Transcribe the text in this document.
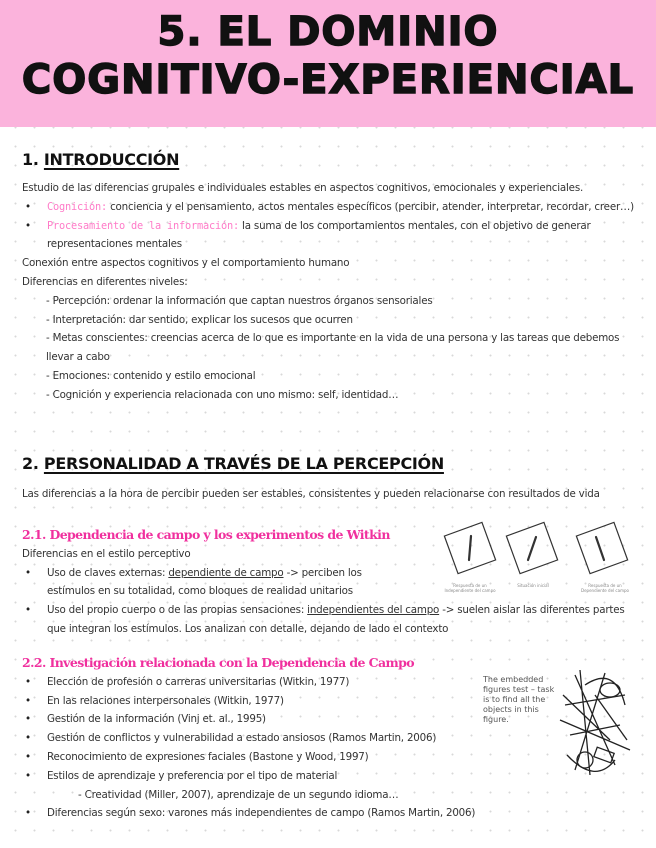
5. EL DOMINIO
COGNITIVO-EXPERIENCIAL
1. INTRODUCCIÓN
Estudio de las diferencias grupales e individuales estables en aspectos cognitivos, emocionales y experienciales.
• Cognición: conciencia y el pensamiento, actos mentales específicos (percibir, atender, interpretar, recordar, creer…)
• Procesamiento de la información: la suma de los comportamientos mentales, con el objetivo de generar representaciones mentales
Conexión entre aspectos cognitivos y el comportamiento humano
Diferencias en diferentes niveles:
- Percepción: ordenar la información que captan nuestros órganos sensoriales
- Interpretación: dar sentido, explicar los sucesos que ocurren
- Metas conscientes: creencias acerca de lo que es importante en la vida de una persona y las tareas que debemos llevar a cabo
- Emociones: contenido y estilo emocional
- Cognición y experiencia relacionada con uno mismo: self, identidad…
2. PERSONALIDAD A TRAVÉS DE LA PERCEPCIÓN
Las diferencias a la hora de percibir pueden ser estables, consistentes y pueden relacionarse con resultados de vida
2.1. Dependencia de campo y los experimentos de Witkin
Diferencias en el estilo perceptivo
• Uso de claves externas: dependiente de campo -> perciben los estímulos en su totalidad, como bloques de realidad unitarios
• Uso del propio cuerpo o de las propias sensaciones: independientes del campo -> suelen aislar las diferentes partes que integran los estímulos. Los analizan con detalle, dejando de lado el contexto
Respuesta de un Independiente del campo
Situación inicial	Respuesta de un Dependiente del campo
2.2. Investigación relacionada con la Dependencia de Campo
• Elección de profesión o carreras universitarias (Witkin, 1977)
• En las relaciones interpersonales (Witkin, 1977)
• Gestión de la información (Vinj et. al., 1995)
• Gestión de conflictos y vulnerabilidad a estado ansiosos (Ramos Martin, 2006)
• Reconocimiento de expresiones faciales (Bastone y Wood, 1997)
• Estilos de aprendizaje y preferencia por el tipo de material
- Creatividad (Miller, 2007), aprendizaje de un segundo idioma…
• Diferencias según sexo: varones más independientes de campo (Ramos Martin, 2006)
The embedded figures test – task is to find all the objects in this figure.
